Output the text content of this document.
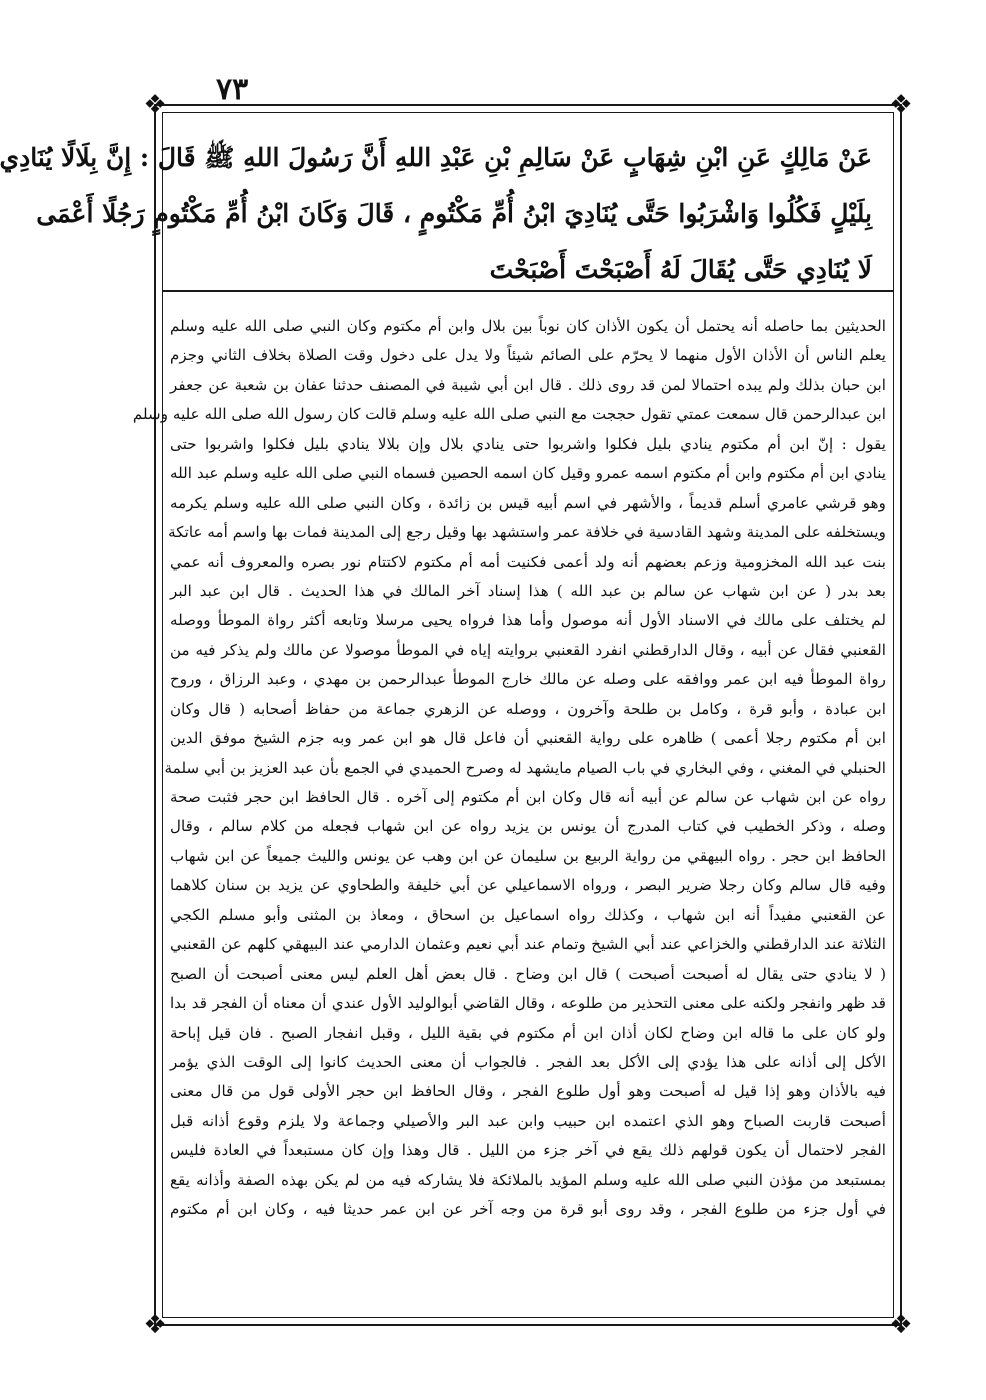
٧٣
❖	❖
❖	❖
عَنْ مَالِكٍ عَنِ ابْنِ شِهَابٍ عَنْ سَالِمِ بْنِ عَبْدِ اللهِ أَنَّ رَسُولَ اللهِ ﷺ قَالَ : إِنَّ بِلَالًا يُنَادِي
بِلَيْلٍ فَكُلُوا وَاشْرَبُوا حَتَّى يُنَادِيَ ابْنُ أُمِّ مَكْتُومٍ ، قَالَ وَكَانَ ابْنُ أُمِّ مَكْتُومٍ رَجُلًا أَعْمَى
لَا يُنَادِي حَتَّى يُقَالَ لَهُ أَصْبَحْتَ أَصْبَحْتَ
الحديثين بما حاصله أنه يحتمل أن يكون الأذان كان نوباً بين بلال وابن أم مكتوم وكان النبي صلى الله عليه وسلم
يعلم الناس أن الأذان الأول منهما لا يحرّم على الصائم شيئاً ولا يدل على دخول وقت الصلاة بخلاف الثاني وجزم
ابن حبان بذلك ولم يبده احتمالا لمن قد روى ذلك . قال ابن أبي شيبة في المصنف حدثنا عفان بن شعبة عن جعفر
ابن عبدالرحمن قال سمعت عمتي تقول حججت مع النبي صلى الله عليه وسلم قالت كان رسول الله صلى الله عليه وسلم
يقول : إنّ ابن أم مكتوم ينادي بليل فكلوا واشربوا حتى ينادي بلال وإن بلالا ينادي بليل فكلوا واشربوا حتى
ينادي ابن أم مكتوم وابن أم مكتوم اسمه عمرو وقيل كان اسمه الحصين فسماه النبي صلى الله عليه وسلم عبد الله
وهو قرشي عامري أسلم قديماً ، والأشهر في اسم أبيه قيس بن زائدة ، وكان النبي صلى الله عليه وسلم يكرمه
ويستخلفه على المدينة وشهد القادسية في خلافة عمر واستشهد بها وقيل رجع إلى المدينة فمات بها واسم أمه عاتكة
بنت عبد الله المخزومية وزعم بعضهم أنه ولد أعمى فكنيت أمه أم مكتوم لاكتتام نور بصره والمعروف أنه عمي
بعد بدر ( عن ابن شهاب عن سالم بن عبد الله ) هذا إسناد آخر المالك في هذا الحديث . قال ابن عبد البر
لم يختلف على مالك في الاسناد الأول أنه موصول وأما هذا فرواه يحيى مرسلا وتابعه أكثر رواة الموطأ ووصله
القعنبي فقال عن أبيه ، وقال الدارقطني انفرد القعنبي بروايته إياه في الموطأ موصولا عن مالك ولم يذكر فيه من
رواة الموطأ فيه ابن عمر ووافقه على وصله عن مالك خارج الموطأ عبدالرحمن بن مهدي ، وعبد الرزاق ، وروح
ابن عبادة ، وأبو قرة ، وكامل بن طلحة وآخرون ، ووصله عن الزهري جماعة من حفاظ أصحابه ( قال وكان
ابن أم مكتوم رجلا أعمى ) ظاهره على رواية القعنبي أن فاعل قال هو ابن عمر وبه جزم الشيخ موفق الدين
الحنبلي في المغني ، وفي البخاري في باب الصيام مايشهد له وصرح الحميدي في الجمع بأن عبد العزيز بن أبي سلمة
رواه عن ابن شهاب عن سالم عن أبيه أنه قال وكان ابن أم مكتوم إلى آخره . قال الحافظ ابن حجر فثبت صحة
وصله ، وذكر الخطيب في كتاب المدرج أن يونس بن يزيد رواه عن ابن شهاب فجعله من كلام سالم ، وقال
الحافظ ابن حجر . رواه البيهقي من رواية الربيع بن سليمان عن ابن وهب عن يونس والليث جميعاً عن ابن شهاب
وفيه قال سالم وكان رجلا ضرير البصر ، ورواه الاسماعيلي عن أبي خليفة والطحاوي عن يزيد بن سنان كلاهما
عن القعنبي مفيداً أنه ابن شهاب ، وكذلك رواه اسماعيل بن اسحاق ، ومعاذ بن المثنى وأبو مسلم الكجي
الثلاثة عند الدارقطني والخزاعي عند أبي الشيخ وتمام عند أبي نعيم وعثمان الدارمي عند البيهقي كلهم عن القعنبي
( لا ينادي حتى يقال له أصبحت أصبحت ) قال ابن وضاح . قال بعض أهل العلم ليس معنى أصبحت أن الصبح
قد ظهر وانفجر ولكنه على معنى التحذير من طلوعه ، وقال القاضي أبوالوليد الأول عندي أن معناه أن الفجر قد بدا
ولو كان على ما قاله ابن وضاح لكان أذان ابن أم مكتوم في بقية الليل ، وقبل انفجار الصبح . فان قيل إباحة
الأكل إلى أذانه على هذا يؤدي إلى الأكل بعد الفجر . فالجواب أن معنى الحديث كانوا إلى الوقت الذي يؤمر
فيه بالأذان وهو إذا قيل له أصبحت وهو أول طلوع الفجر ، وقال الحافظ ابن حجر الأولى قول من قال معنى
أصبحت قاربت الصباح وهو الذي اعتمده ابن حبيب وابن عبد البر والأصيلي وجماعة ولا يلزم وقوع أذانه قبل
الفجر لاحتمال أن يكون قولهم ذلك يقع في آخر جزء من الليل . قال وهذا وإن كان مستبعداً في العادة فليس
بمستبعد من مؤذن النبي صلى الله عليه وسلم المؤيد بالملائكة فلا يشاركه فيه من لم يكن بهذه الصفة وأذانه يقع
في أول جزء من طلوع الفجر ، وقد روى أبو قرة من وجه آخر عن ابن عمر حديثا فيه ، وكان ابن أم مكتوم
